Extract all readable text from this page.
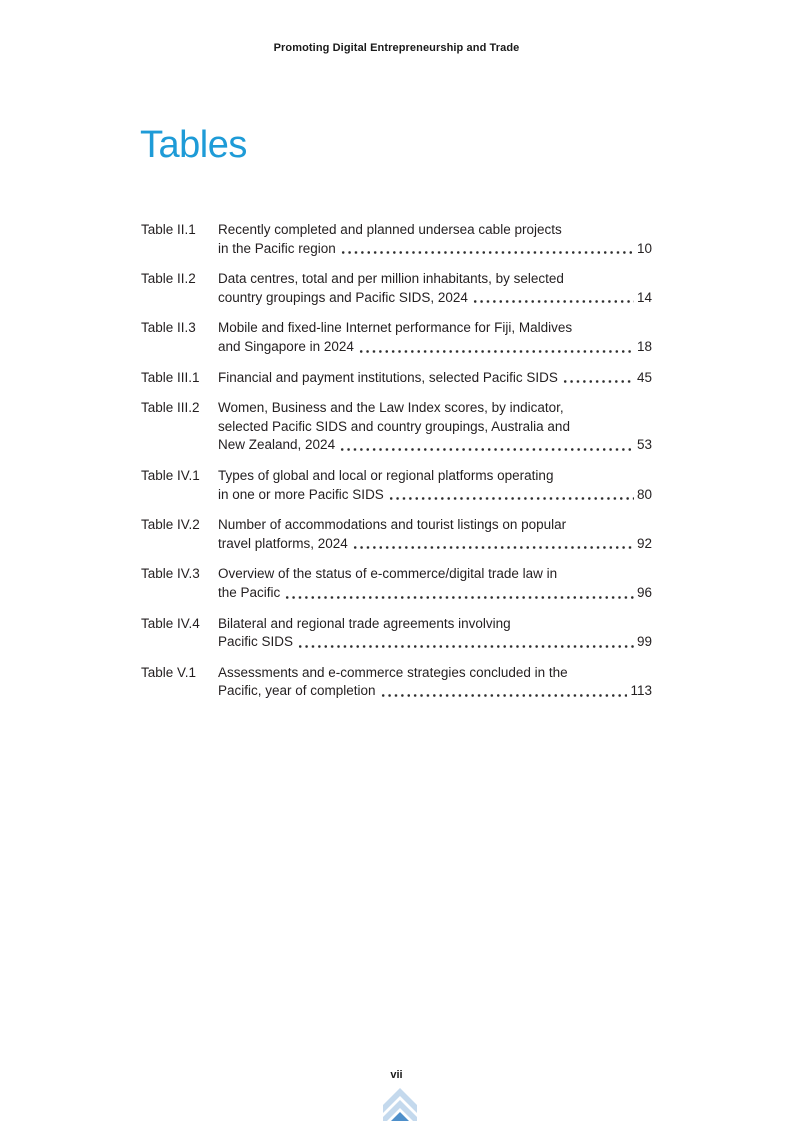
Promoting Digital Entrepreneurship and Trade
Tables
Table II.1	Recently completed and planned undersea cable projects
in the Pacific region	10
Table II.2	Data centres, total and per million inhabitants, by selected
country groupings and Pacific SIDS, 2024	14
Table II.3	Mobile and fixed-line Internet performance for Fiji, Maldives
and Singapore in 2024	18
Table III.1	Financial and payment institutions, selected Pacific SIDS	45
Table III.2	Women, Business and the Law Index scores, by indicator,
selected Pacific SIDS and country groupings, Australia and
New Zealand, 2024	53
Table IV.1	Types of global and local or regional platforms operating
in one or more Pacific SIDS	80
Table IV.2	Number of accommodations and tourist listings on popular
travel platforms, 2024	92
Table IV.3	Overview of the status of e-commerce/digital trade law in
the Pacific	96
Table IV.4	Bilateral and regional trade agreements involving
Pacific SIDS	99
Table V.1	Assessments and e-commerce strategies concluded in the
Pacific, year of completion	113
vii
